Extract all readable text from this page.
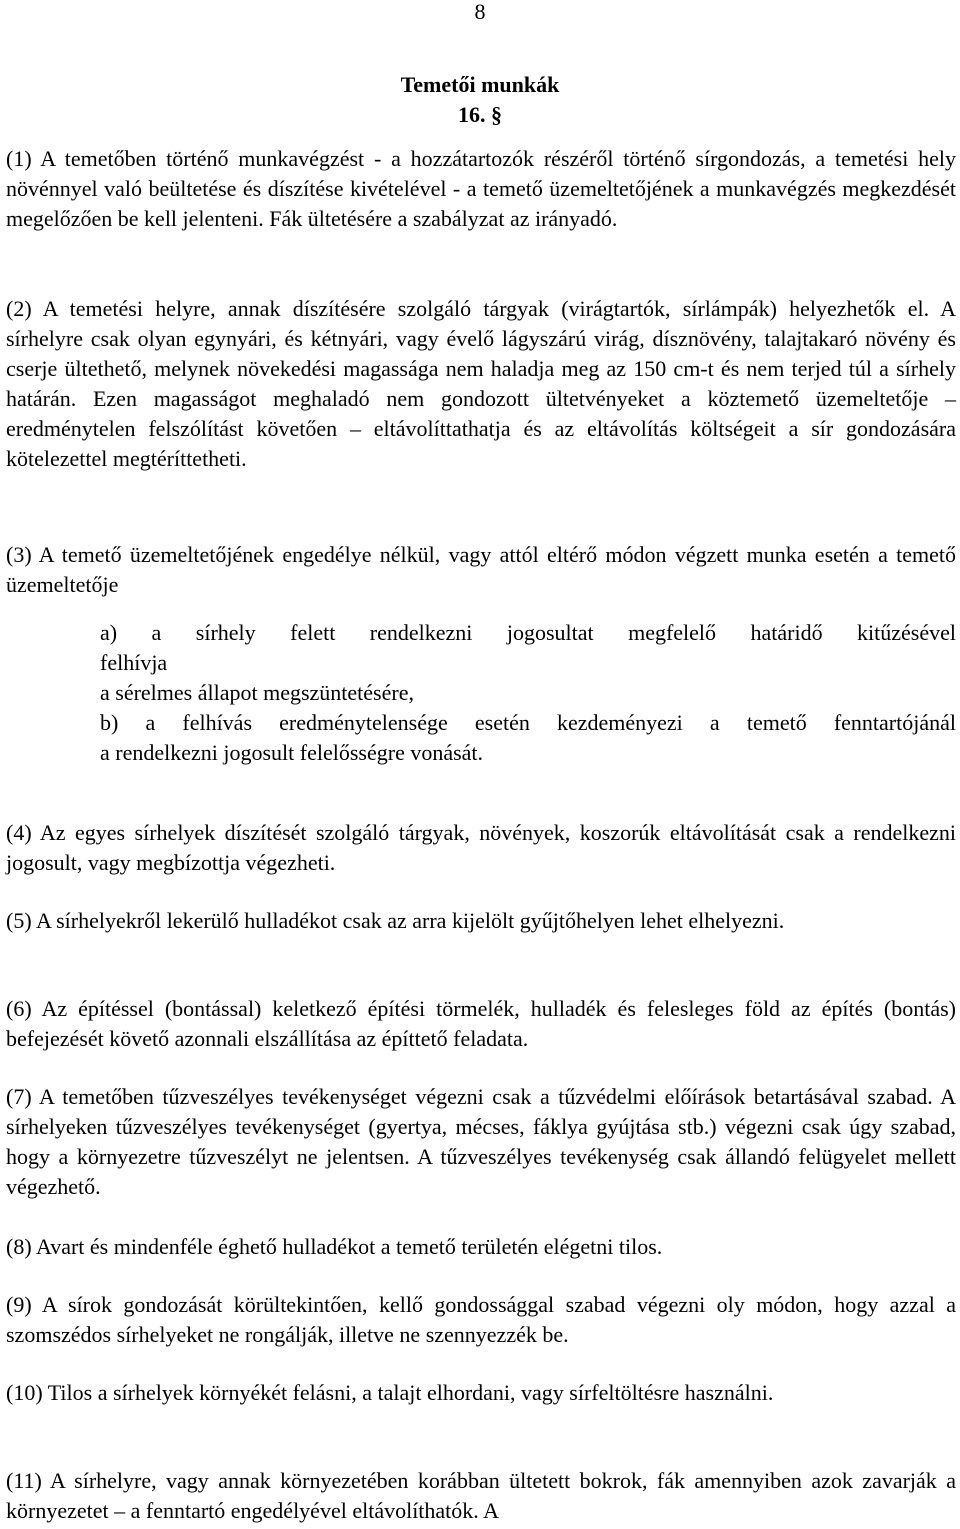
8
Temetői munkák
16. §

(1) A temetőben történő munkavégzést - a hozzátartozók részéről történő sírgondozás, a temetési hely növénnyel való beültetése és díszítése kivételével - a temető üzemeltetőjének a munkavégzés megkezdését megelőzően be kell jelenteni. Fák ültetésére a szabályzat az irányadó.

(2) A temetési helyre, annak díszítésére szolgáló tárgyak (virágtartók, sírlámpák) helyezhetők el. A sírhelyre csak olyan egynyári, és kétnyári, vagy évelő lágyszárú virág, dísznövény, talajtakaró növény és cserje ültethető, melynek növekedési magassága nem haladja meg az 150 cm-t és nem terjed túl a sírhely határán. Ezen magasságot meghaladó nem gondozott ültetvényeket a köztemető üzemeltetője – eredménytelen felszólítást követően – eltávolíttathatja és az eltávolítás költségeit a sír gondozására kötelezettel megtéríttetheti.

(3) A temető üzemeltetőjének engedélye nélkül, vagy attól eltérő módon végzett munka esetén a temető üzemeltetője

a) a sírhely felett rendelkezni jogosultat megfelelő határidő kitűzésével
felhívja
a sérelmes állapot megszüntetésére,
b) a felhívás eredménytelensége esetén kezdeményezi a temető fenntartójánál
a rendelkezni jogosult felelősségre vonását.

(4) Az egyes sírhelyek díszítését szolgáló tárgyak, növények, koszorúk eltávolítását csak a rendelkezni jogosult, vagy megbízottja végezheti.

(5) A sírhelyekről lekerülő hulladékot csak az arra kijelölt gyűjtőhelyen lehet elhelyezni.

(6) Az építéssel (bontással) keletkező építési törmelék, hulladék és felesleges föld az építés (bontás) befejezését követő azonnali elszállítása az építtető feladata.

(7) A temetőben tűzveszélyes tevékenységet végezni csak a tűzvédelmi előírások betartásával szabad. A sírhelyeken tűzveszélyes tevékenységet (gyertya, mécses, fáklya gyújtása stb.) végezni csak úgy szabad, hogy a környezetre tűzveszélyt ne jelentsen. A tűzveszélyes tevékenység csak állandó felügyelet mellett végezhető.

(8) Avart és mindenféle éghető hulladékot a temető területén elégetni tilos.

(9) A sírok gondozását körültekintően, kellő gondossággal szabad végezni oly módon, hogy azzal a szomszédos sírhelyeket ne rongálják, illetve ne szennyezzék be.

(10) Tilos a sírhelyek környékét felásni, a talajt elhordani, vagy sírfeltöltésre használni.

(11) A sírhelyre, vagy annak környezetében korábban ültetett bokrok, fák amennyiben azok zavarják a környezetet – a fenntartó engedélyével eltávolíthatók. A
